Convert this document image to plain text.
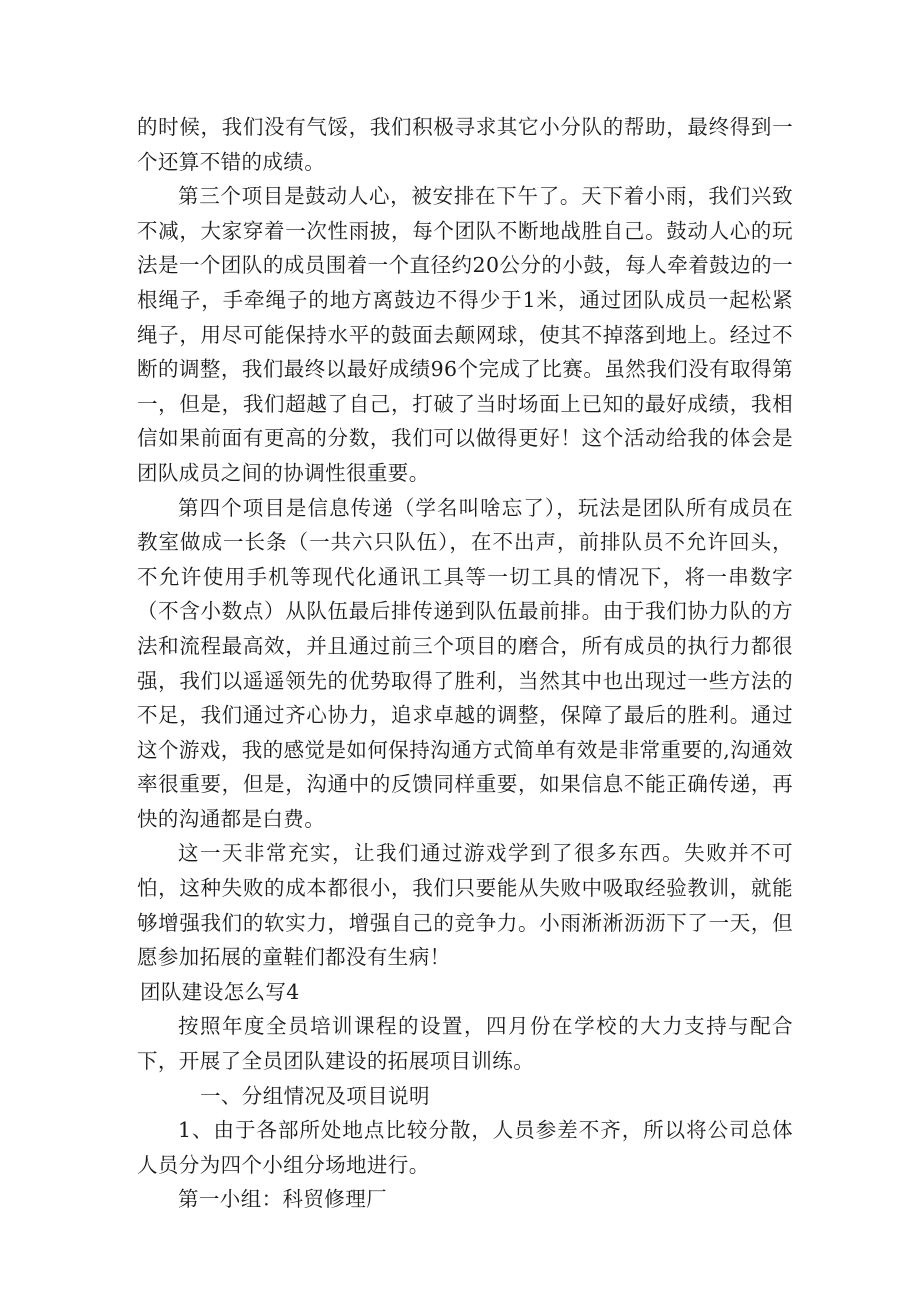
的时候，我们没有气馁，我们积极寻求其它小分队的帮助，最终得到一个还算不错的成绩。

第三个项目是鼓动人心，被安排在下午了。天下着小雨，我们兴致不减，大家穿着一次性雨披，每个团队不断地战胜自己。鼓动人心的玩法是一个团队的成员围着一个直径约20公分的小鼓，每人牵着鼓边的一根绳子，手牵绳子的地方离鼓边不得少于1米，通过团队成员一起松紧绳子，用尽可能保持水平的鼓面去颠网球，使其不掉落到地上。经过不断的调整，我们最终以最好成绩96个完成了比赛。虽然我们没有取得第一，但是，我们超越了自己，打破了当时场面上已知的最好成绩，我相信如果前面有更高的分数，我们可以做得更好！这个活动给我的体会是团队成员之间的协调性很重要。

第四个项目是信息传递（学名叫啥忘了），玩法是团队所有成员在教室做成一长条（一共六只队伍），在不出声，前排队员不允许回头，不允许使用手机等现代化通讯工具等一切工具的情况下，将一串数字（不含小数点）从队伍最后排传递到队伍最前排。由于我们协力队的方法和流程最高效，并且通过前三个项目的磨合，所有成员的执行力都很强，我们以遥遥领先的优势取得了胜利，当然其中也出现过一些方法的不足，我们通过齐心协力，追求卓越的调整，保障了最后的胜利。通过这个游戏，我的感觉是如何保持沟通方式简单有效是非常重要的,沟通效率很重要，但是，沟通中的反馈同样重要，如果信息不能正确传递，再快的沟通都是白费。

这一天非常充实，让我们通过游戏学到了很多东西。失败并不可怕，这种失败的成本都很小，我们只要能从失败中吸取经验教训，就能够增强我们的软实力，增强自己的竞争力。小雨淅淅沥沥下了一天，但愿参加拓展的童鞋们都没有生病！

团队建设怎么写4

按照年度全员培训课程的设置，四月份在学校的大力支持与配合下，开展了全员团队建设的拓展项目训练。

一、分组情况及项目说明

1、由于各部所处地点比较分散，人员参差不齐，所以将公司总体人员分为四个小组分场地进行。

第一小组：科贸修理厂
